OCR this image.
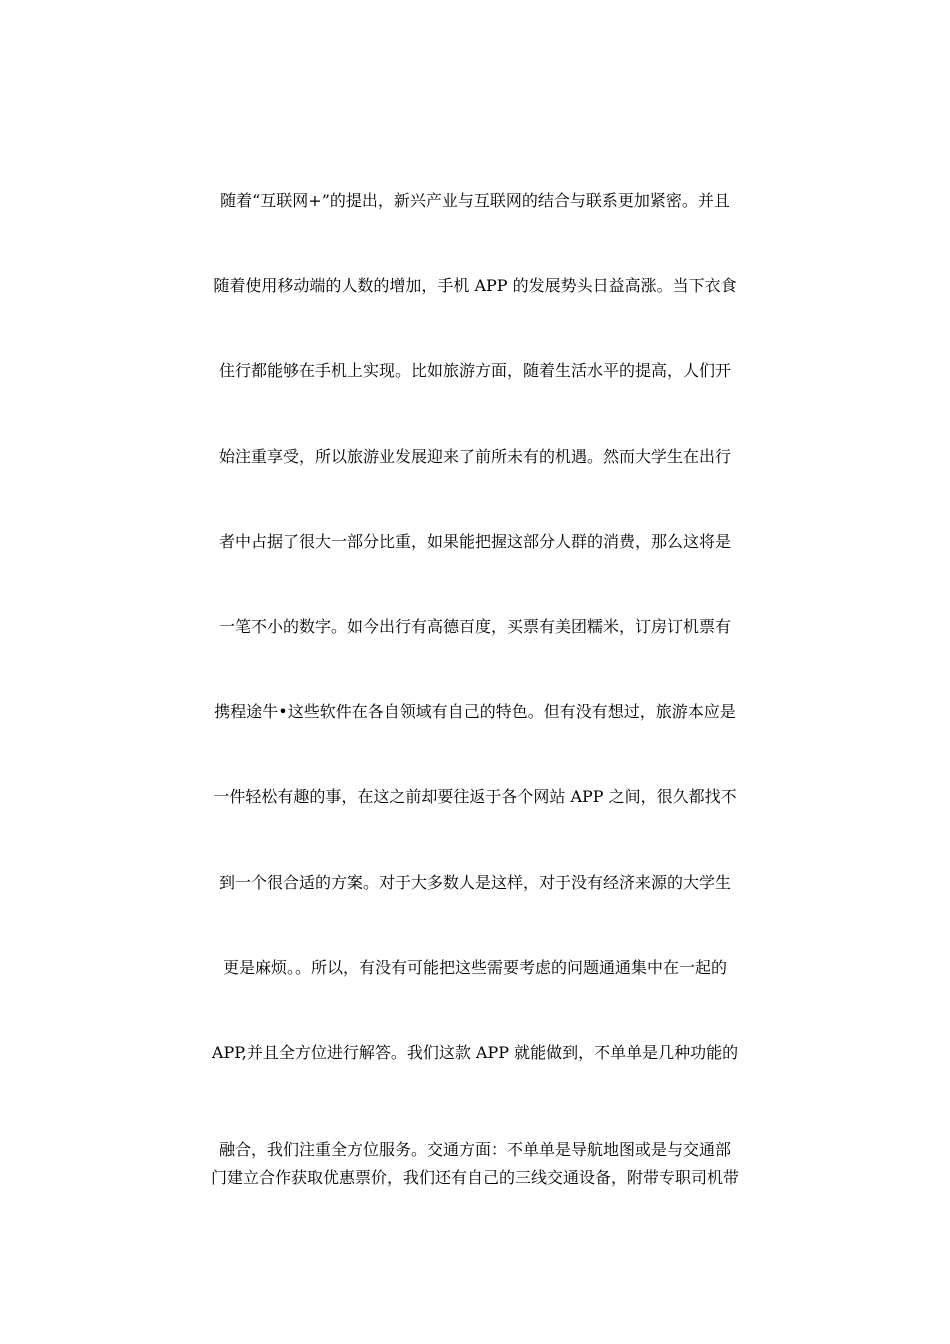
随着“互联网+”的提出，新兴产业与互联网的结合与联系更加紧密。并且
随着使用移动端的人数的增加，手机 APP 的发展势头日益高涨。当下衣食
住行都能够在手机上实现。比如旅游方面，随着生活水平的提高，人们开
始注重享受，所以旅游业发展迎来了前所未有的机遇。然而大学生在出行
者中占据了很大一部分比重，如果能把握这部分人群的消费，那么这将是
一笔不小的数字。如今出行有高德百度，买票有美团糯米，订房订机票有
携程途牛•这些软件在各自领域有自己的特色。但有没有想过，旅游本应是
一件轻松有趣的事，在这之前却要往返于各个网站 APP 之间，很久都找不
到一个很合适的方案。对于大多数人是这样，对于没有经济来源的大学生
更是麻烦。。所以，有没有可能把这些需要考虑的问题通通集中在一起的
APP,并且全方位进行解答。我们这款 APP 就能做到，不单单是几种功能的
融合，我们注重全方位服务。交通方面：不单单是导航地图或是与交通部
门建立合作获取优惠票价，我们还有自己的三线交通设备，附带专职司机带
